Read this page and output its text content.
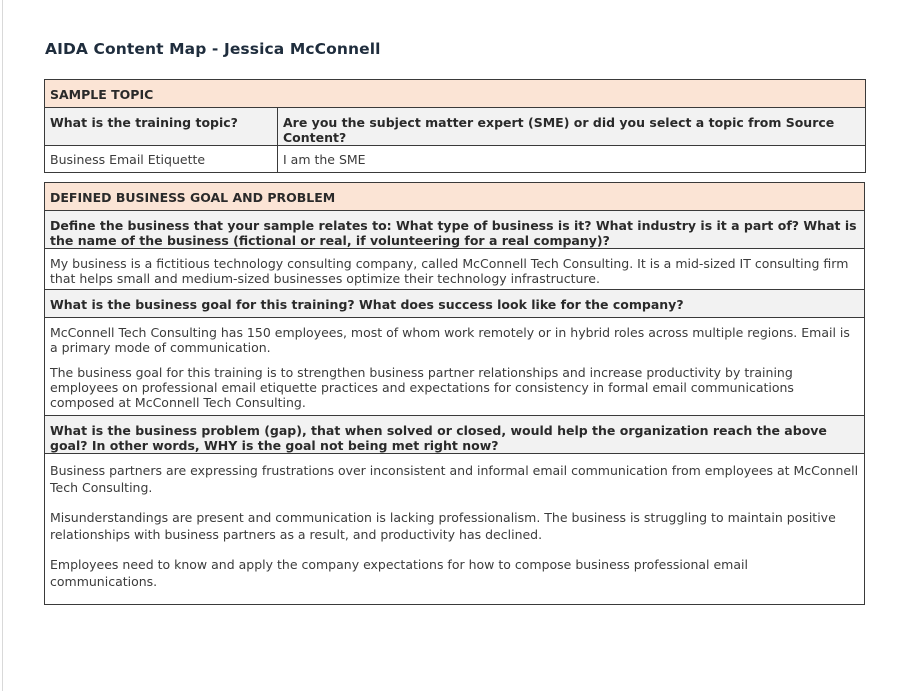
AIDA Content Map - Jessica McConnell
SAMPLE TOPIC	
What is the training topic?	Are you the subject matter expert (SME) or did you select a topic from Source Content?
Business Email Etiquette	I am the SME
DEFINED BUSINESS GOAL AND PROBLEM
Define the business that your sample relates to: What type of business is it? What industry is it a part of? What is the name of the business (fictional or real, if volunteering for a real company)?
My business is a fictitious technology consulting company, called McConnell Tech Consulting. It is a mid-sized IT consulting firm that helps small and medium-sized businesses optimize their technology infrastructure.
What is the business goal for this training? What does success look like for the company?

McConnell Tech Consulting has 150 employees, most of whom work remotely or in hybrid roles across multiple regions. Email is a primary mode of communication.

The business goal for this training is to strengthen business partner relationships and increase productivity by training employees on professional email etiquette practices and expectations for consistency in formal email communications composed at McConnell Tech Consulting.

What is the business problem (gap), that when solved or closed, would help the organization reach the above goal? In other words, WHY is the goal not being met right now?

Business partners are expressing frustrations over inconsistent and informal email communication from employees at McConnell Tech Consulting.

Misunderstandings are present and communication is lacking professionalism. The business is struggling to maintain positive relationships with business partners as a result, and productivity has declined.

Employees need to know and apply the company expectations for how to compose business professional email communications.
